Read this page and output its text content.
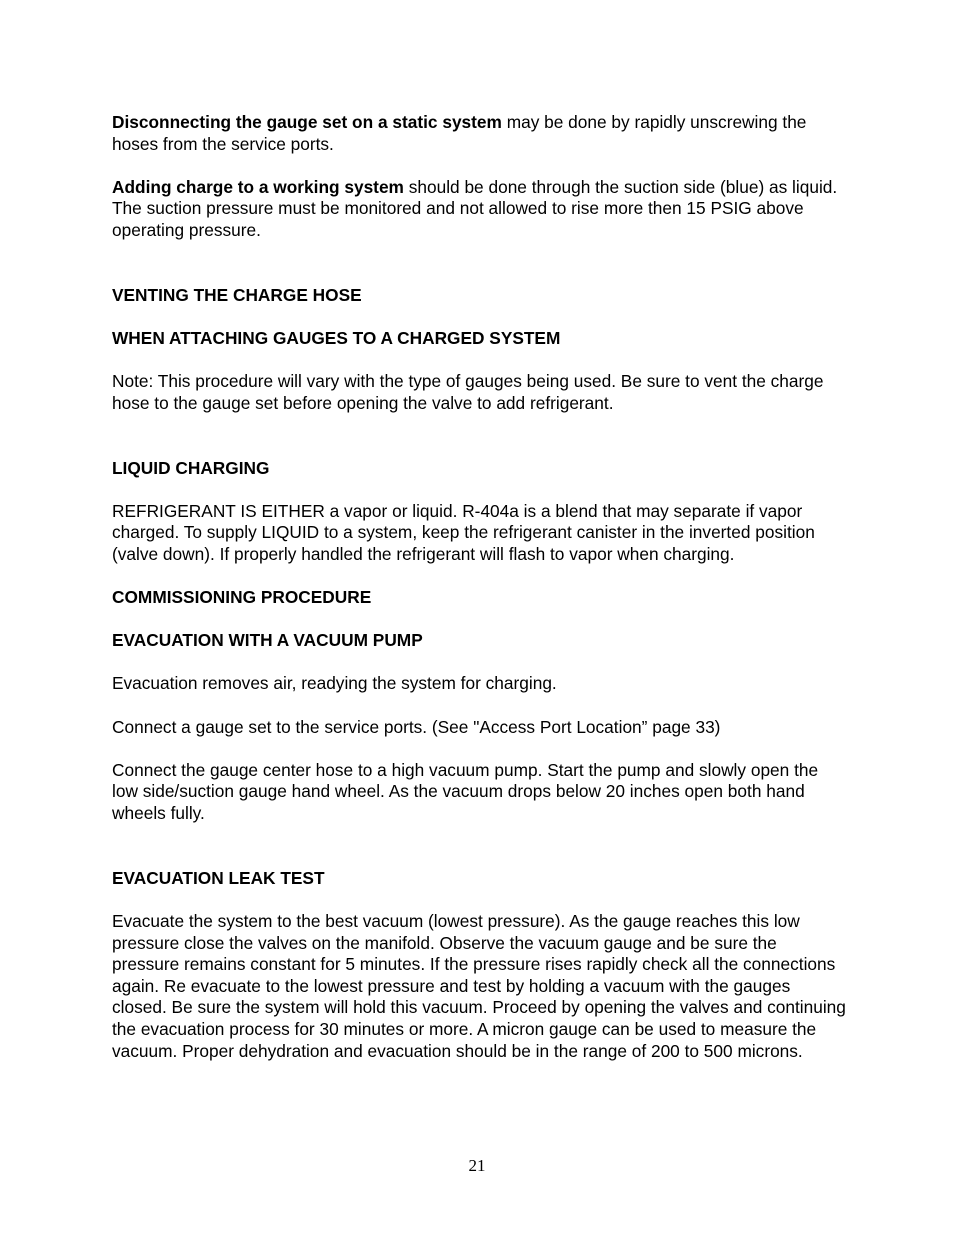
Disconnecting the gauge set on a static system may be done by rapidly unscrewing the hoses from the service ports.

Adding charge to a working system should be done through the suction side (blue) as liquid. The suction pressure must be monitored and not allowed to rise more then 15 PSIG above operating pressure.

VENTING THE CHARGE HOSE

WHEN ATTACHING GAUGES TO A CHARGED SYSTEM

Note: This procedure will vary with the type of gauges being used. Be sure to vent the charge hose to the gauge set before opening the valve to add refrigerant.

LIQUID CHARGING

REFRIGERANT IS EITHER a vapor or liquid. R-404a is a blend that may separate if vapor charged. To supply LIQUID to a system, keep the refrigerant canister in the inverted position (valve down). If properly handled the refrigerant will flash to vapor when charging.

COMMISSIONING PROCEDURE

EVACUATION WITH A VACUUM PUMP

Evacuation removes air, readying the system for charging.

Connect a gauge set to the service ports. (See "Access Port Location” page 33)

Connect the gauge center hose to a high vacuum pump. Start the pump and slowly open the low side/suction gauge hand wheel. As the vacuum drops below 20 inches open both hand wheels fully.

EVACUATION LEAK TEST

Evacuate the system to the best vacuum (lowest pressure). As the gauge reaches this low pressure close the valves on the manifold. Observe the vacuum gauge and be sure the pressure remains constant for 5 minutes. If the pressure rises rapidly check all the connections again. Re evacuate to the lowest pressure and test by holding a vacuum with the gauges closed. Be sure the system will hold this vacuum. Proceed by opening the valves and continuing the evacuation process for 30 minutes or more. A micron gauge can be used to measure the vacuum. Proper dehydration and evacuation should be in the range of 200 to 500 microns.

21
